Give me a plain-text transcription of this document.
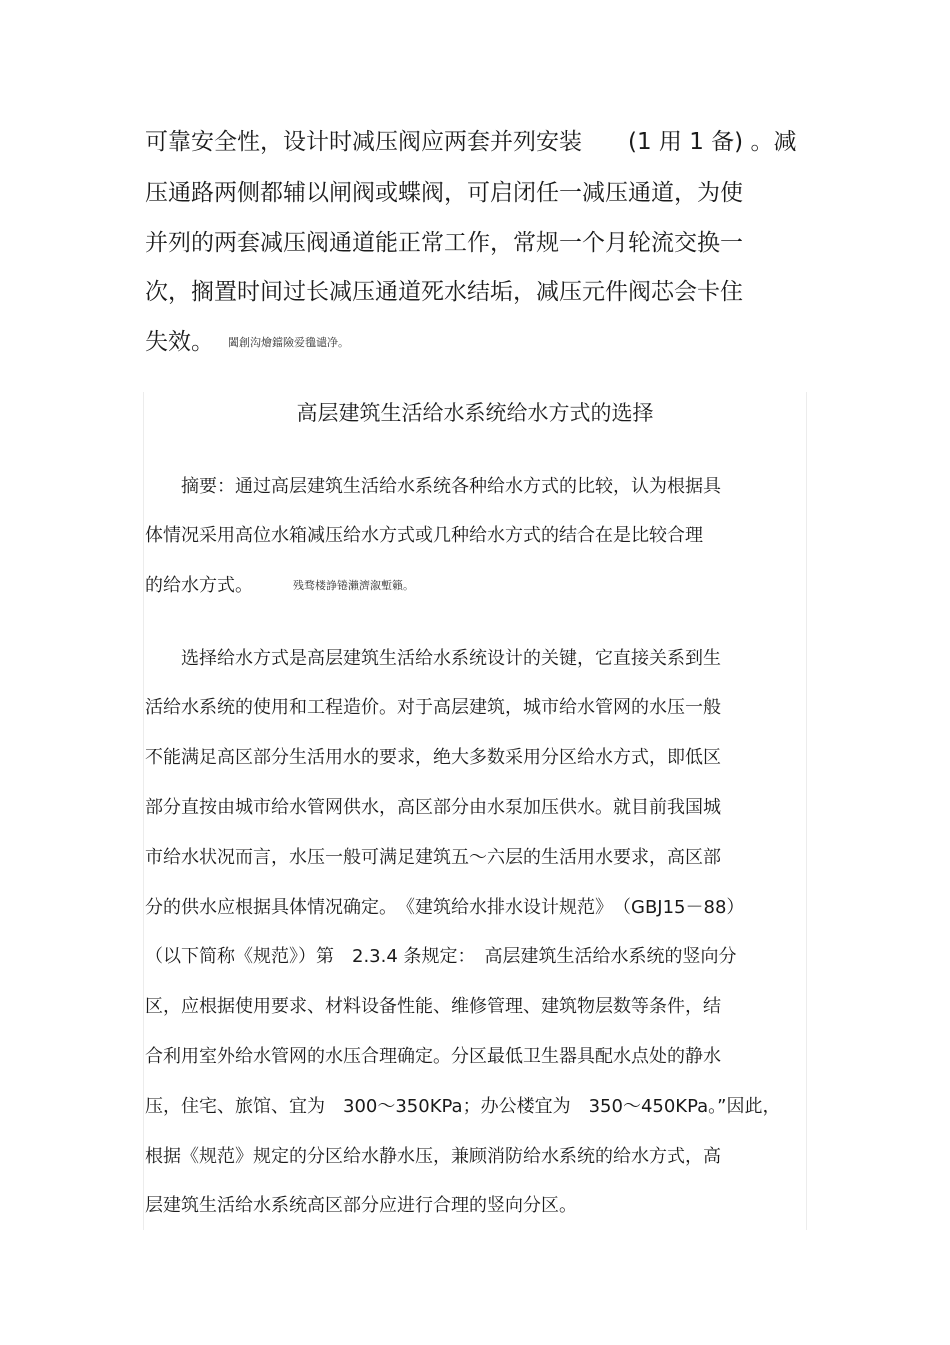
可靠安全性，设计时减压阀应两套并列安装　　(1 用 1 备) 。减

压通路两侧都辅以闸阀或蝶阀，可启闭任一减压通道，为使

并列的两套减压阀通道能正常工作，常规一个月轮流交换一

次，搁置时间过长减压通道死水结垢，减压元件阀芯会卡住

失效。 闔創沟燴鐺險爱氇谴净。

高层建筑生活给水系统给水方式的选择

摘要：通过高层建筑生活给水系统各种给水方式的比较，认为根据具

体情况采用高位水箱减压给水方式或几种给水方式的结合在是比较合理

的给水方式。	残骛楼諍锩瀨濟溆塹籟。

选择给水方式是高层建筑生活给水系统设计的关键，它直接关系到生

活给水系统的使用和工程造价。对于高层建筑，城市给水管网的水压一般

不能满足高区部分生活用水的要求，绝大多数采用分区给水方式，即低区

部分直按由城市给水管网供水，高区部分由水泵加压供水。就目前我国城

市给水状况而言，水压一般可满足建筑五～六层的生活用水要求，高区部

分的供水应根据具体情况确定。　《建筑给水排水设计规范》　（GBJ15－88）

（以下简称《规范》）第　2.3.4 条规定：　高层建筑生活给水系统的竖向分

区，应根据使用要求、材料设备性能、维修管理、建筑物层数等条件，结

合利用室外给水管网的水压合理确定。分区最低卫生器具配水点处的静水

压，住宅、旅馆、宜为　300～350KPa；办公楼宜为　350～450KPa。”因此，

根据《规范》规定的分区给水静水压，兼顾消防给水系统的给水方式，高

层建筑生活给水系统高区部分应进行合理的竖向分区。
